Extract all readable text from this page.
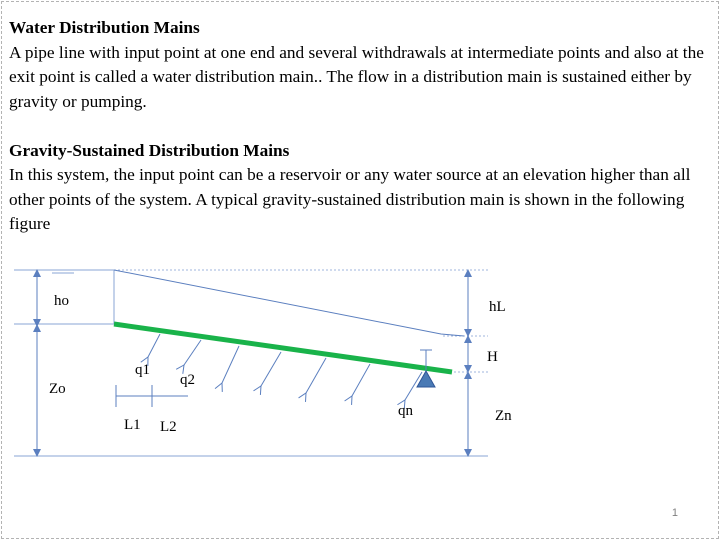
Water Distribution Mains

A pipe line with input point at one end and several withdrawals at intermediate points and also at the exit point is called a water distribution main.. The flow in a distribution main is sustained either by gravity or pumping.

Gravity-Sustained Distribution Mains

In this system, the input point can be a reservoir or any water source at an elevation higher than all other points of the system. A typical gravity-sustained distribution main is shown in the following figure

ho
Zo
hL
H
Zn
q1
q2
qn
L1 L2
1
